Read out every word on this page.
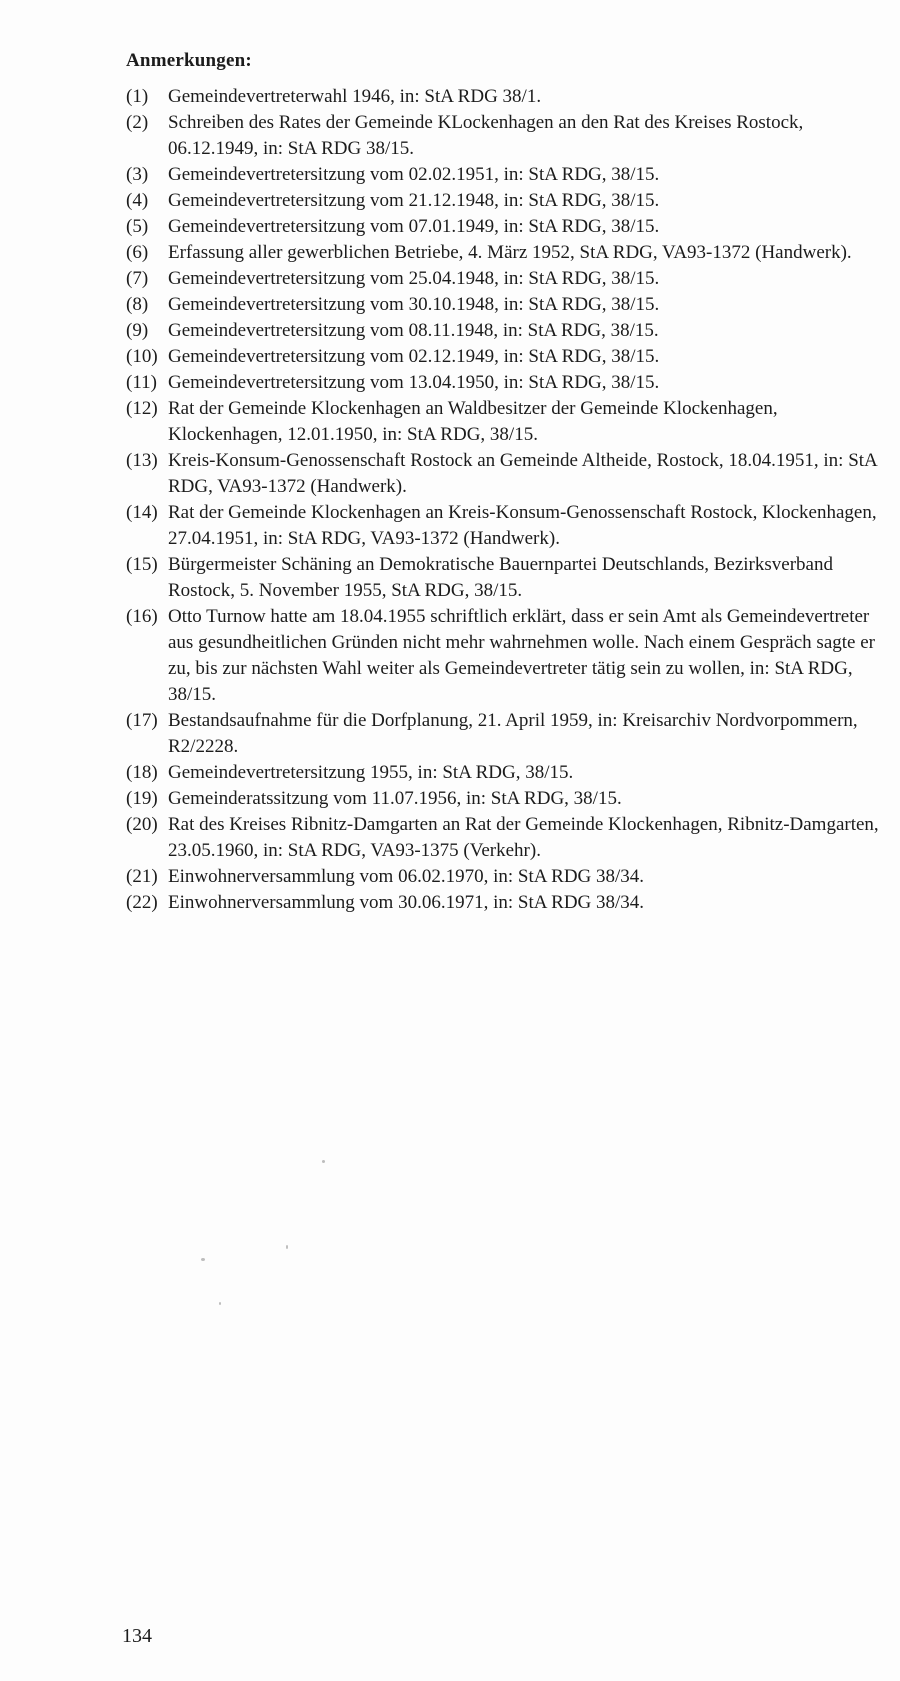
Anmerkungen:
(1) Gemeindevertreterwahl 1946, in: StA RDG 38/1.
(2) Schreiben des Rates der Gemeinde KLockenhagen an den Rat des Kreises Rostock, 06.12.1949, in: StA RDG 38/15.
(3) Gemeindevertretersitzung vom 02.02.1951, in: StA RDG, 38/15.
(4) Gemeindevertretersitzung vom 21.12.1948, in: StA RDG, 38/15.
(5) Gemeindevertretersitzung vom 07.01.1949, in: StA RDG, 38/15.
(6) Erfassung aller gewerblichen Betriebe, 4. März 1952, StA RDG, VA93-1372 (Handwerk).
(7) Gemeindevertretersitzung vom 25.04.1948, in: StA RDG, 38/15.
(8) Gemeindevertretersitzung vom 30.10.1948, in: StA RDG, 38/15.
(9) Gemeindevertretersitzung vom 08.11.1948, in: StA RDG, 38/15.
(10) Gemeindevertretersitzung vom 02.12.1949, in: StA RDG, 38/15.
(11) Gemeindevertretersitzung vom 13.04.1950, in: StA RDG, 38/15.
(12) Rat der Gemeinde Klockenhagen an Waldbesitzer der Gemeinde Klockenhagen, Klockenhagen, 12.01.1950, in: StA RDG, 38/15.
(13) Kreis-Konsum-Genossenschaft Rostock an Gemeinde Altheide, Rostock, 18.04.1951, in: StA RDG, VA93-1372 (Handwerk).
(14) Rat der Gemeinde Klockenhagen an Kreis-Konsum-Genossenschaft Rostock, Klockenhagen, 27.04.1951, in: StA RDG, VA93-1372 (Handwerk).
(15) Bürgermeister Schäning an Demokratische Bauernpartei Deutschlands, Bezirksverband Rostock, 5. November 1955, StA RDG, 38/15.
(16) Otto Turnow hatte am 18.04.1955 schriftlich erklärt, dass er sein Amt als Gemeindevertreter aus gesundheitlichen Gründen nicht mehr wahrnehmen wolle. Nach einem Gespräch sagte er zu, bis zur nächsten Wahl weiter als Gemeindevertreter tätig sein zu wollen, in: StA RDG, 38/15.
(17) Bestandsaufnahme für die Dorfplanung, 21. April 1959, in: Kreisarchiv Nordvorpommern, R2/2228.
(18) Gemeindevertretersitzung 1955, in: StA RDG, 38/15.
(19) Gemeinderatssitzung vom 11.07.1956, in: StA RDG, 38/15.
(20) Rat des Kreises Ribnitz-Damgarten an Rat der Gemeinde Klockenhagen, Ribnitz-Damgarten, 23.05.1960, in: StA RDG, VA93-1375 (Verkehr).
(21) Einwohnerversammlung vom 06.02.1970, in: StA RDG 38/34.
(22) Einwohnerversammlung vom 30.06.1971, in: StA RDG 38/34.
134
